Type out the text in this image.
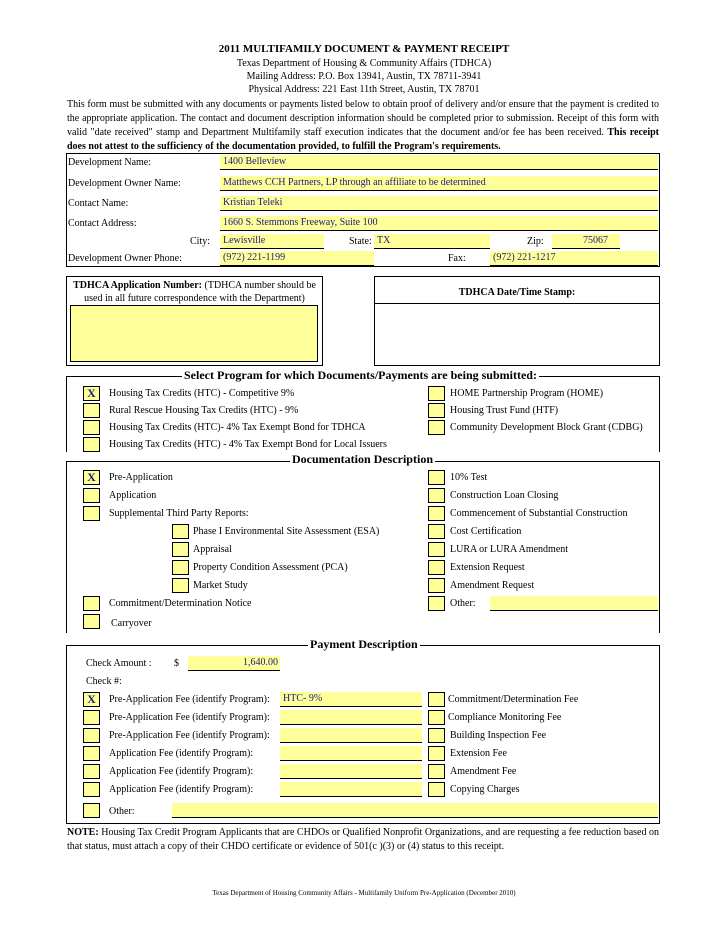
2011 MULTIFAMILY DOCUMENT & PAYMENT RECEIPT
Texas Department of Housing & Community Affairs (TDHCA)
Mailing Address: P.O. Box 13941, Austin, TX 78711-3941
Physical Address: 221 East 11th Street, Austin, TX 78701
This form must be submitted with any documents or payments listed below to obtain proof of delivery and/or ensure that the payment is credited to the appropriate application. The contact and document description information should be completed prior to submission. Receipt of this form with valid "date received" stamp and Department Multifamily staff execution indicates that the document and/or fee has been received. This receipt does not attest to the sufficiency of the documentation provided, to fulfill the Program's requirements.
Development Name:	1400 Belleview
Development Owner Name:	Matthews CCH Partners, LP through an affiliate to be determined
Contact Name:	Kristian Teleki
Contact Address:	1660 S. Stemmons Freeway, Suite 100
City:	Lewisville	State: TX	Zip:	75067
Development Owner Phone:	(972) 221-1199	Fax:	(972) 221-1217
TDHCA Application Number: (TDHCA number should be used in all future correspondence with the Department)
TDHCA Date/Time Stamp:
Select Program for which Documents/Payments are being submitted:
X	Housing Tax Credits (HTC) - Competitive 9%
Rural Rescue Housing Tax Credits (HTC) - 9%
Housing Tax Credits (HTC)- 4% Tax Exempt Bond for TDHCA
Housing Tax Credits (HTC) - 4% Tax Exempt Bond for Local Issuers
HOME Partnership Program (HOME)
Housing Trust Fund (HTF)
Community Development Block Grant (CDBG)
Documentation Description
X	Pre-Application
Application
Supplemental Third Party Reports:
Phase I Environmental Site Assessment (ESA)
Appraisal
Property Condition Assessment (PCA)
Market Study
Commitment/Determination Notice
Carryover
10% Test
Construction Loan Closing
Commencement of Substantial Construction
Cost Certification
LURA or LURA Amendment
Extension Request
Amendment Request
Other:
Payment Description
Check Amount : $	1,640.00
Check #:
X	Pre-Application Fee (identify Program):	HTC- 9%
Pre-Application Fee (identify Program):
Pre-Application Fee (identify Program):
Application Fee (identify Program):
Application Fee (identify Program):
Application Fee (identify Program):
Commitment/Determination Fee
Compliance Monitoring Fee
Building Inspection Fee
Extension Fee
Amendment Fee
Copying Charges
Other:
NOTE: Housing Tax Credit Program Applicants that are CHDOs or Qualified Nonprofit Organizations, and are requesting a fee reduction based on that status, must attach a copy of their CHDO certificate or evidence of 501(c )(3) or (4) status to this receipt.
Texas Department of Housing Community Affairs - Multifamily Uniform Pre-Application (December 2010)
